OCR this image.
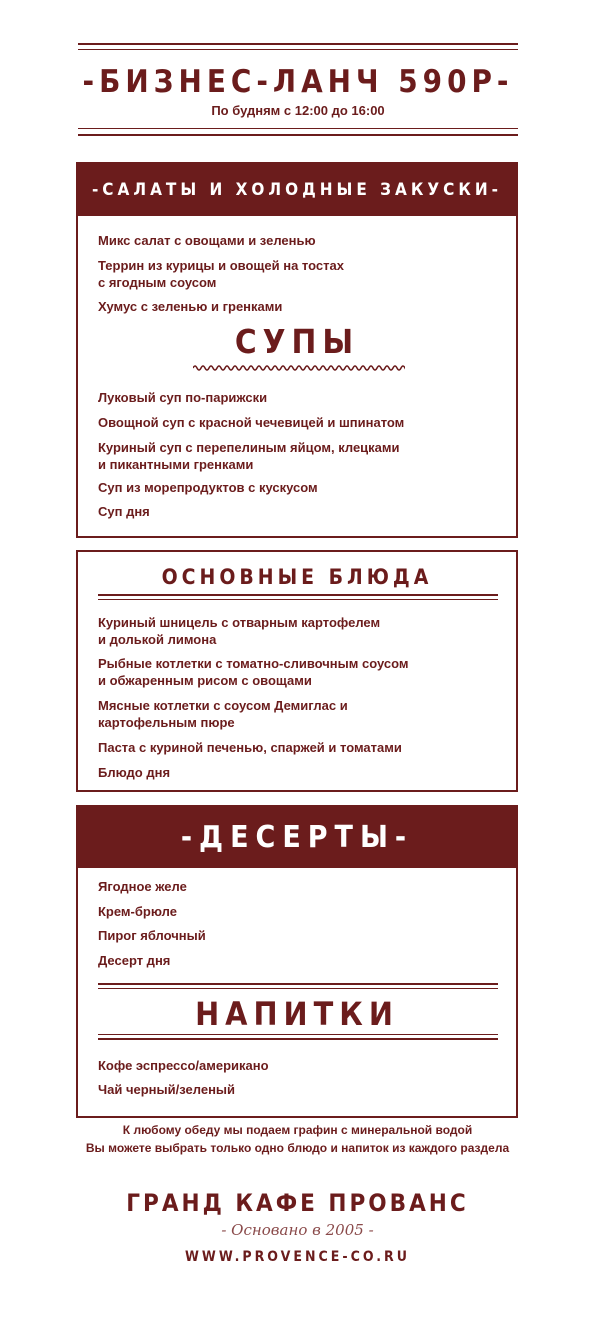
-БИЗНЕС-ЛАНЧ 590Р-
По будням с 12:00 до 16:00
-САЛАТЫ И ХОЛОДНЫЕ ЗАКУСКИ-
Микс салат с овощами и зеленью
Террин из курицы и овощей на тостах
с ягодным соусом
Хумус с зеленью и гренками
СУПЫ
Луковый суп по-парижски
Овощной суп с красной чечевицей и шпинатом
Куриный суп с перепелиным яйцом, клецками
и пикантными гренками
Суп из морепродуктов с кускусом
Суп дня
ОСНОВНЫЕ БЛЮДА
Куриный шницель с отварным картофелем
и долькой лимона
Рыбные котлетки с томатно-сливочным соусом
и обжаренным рисом с овощами
Мясные котлетки с соусом Демиглас и
картофельным пюре
Паста с куриной печенью, спаржей и томатами
Блюдо дня
-ДЕСЕРТЫ-
Ягодное желе
Крем-брюле
Пирог яблочный
Десерт дня
НАПИТКИ
Кофе эспрессо/американо
Чай черный/зеленый
К любому обеду мы подаем графин с минеральной водой
Вы можете выбрать только одно блюдо и напиток из каждого раздела
ГРАНД КАФЕ ПРОВАНС
- Основано в 2005 -
WWW.PROVENCE-CO.RU
